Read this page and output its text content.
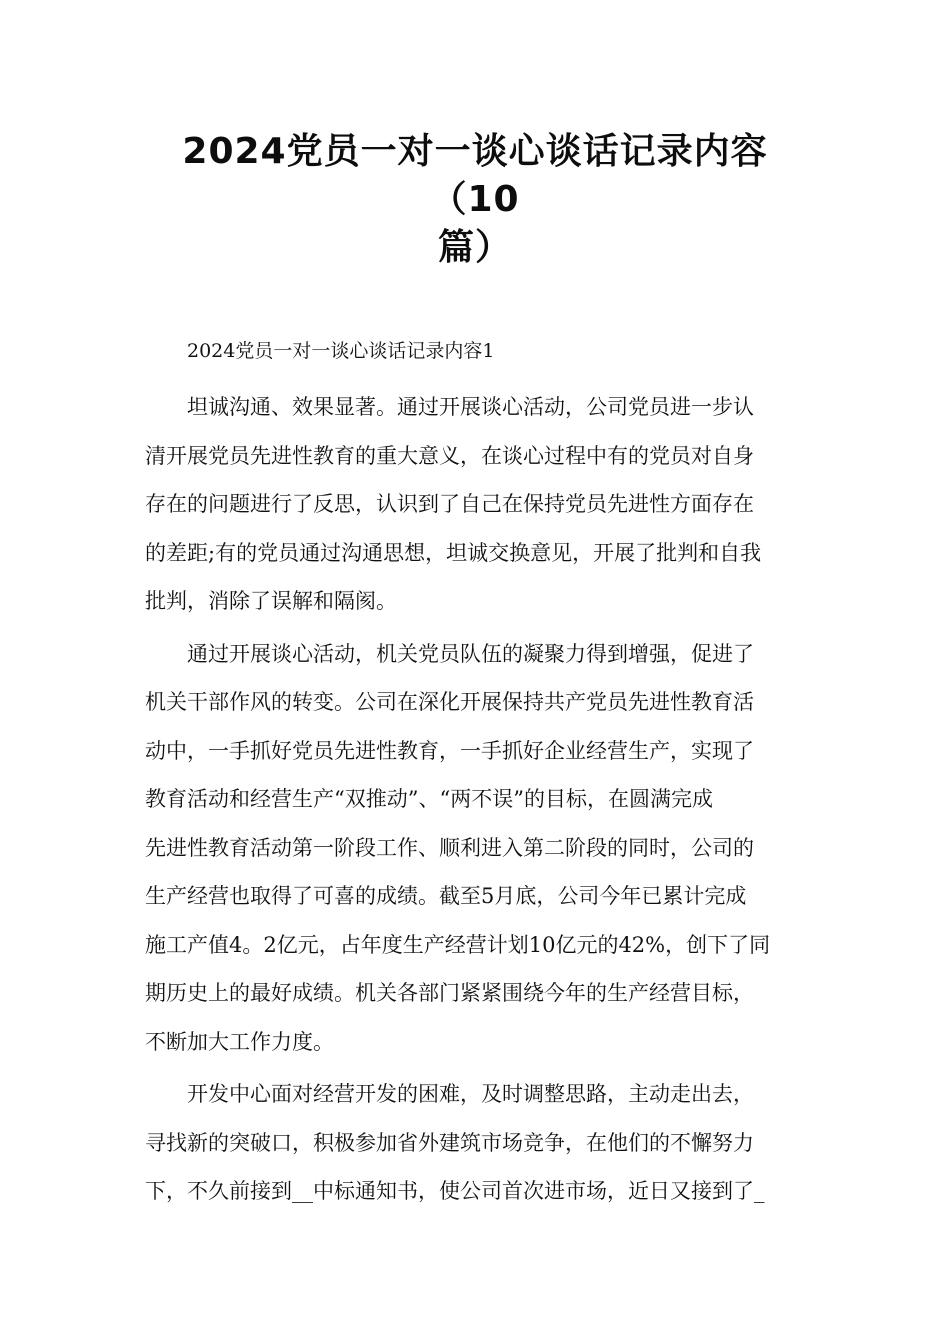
2024党员一对一谈心谈话记录内容（10
篇）
2024党员一对一谈心谈话记录内容1
坦诚沟通、效果显著。通过开展谈心活动，公司党员进一步认
清开展党员先进性教育的重大意义，在谈心过程中有的党员对自身
存在的问题进行了反思，认识到了自己在保持党员先进性方面存在
的差距;有的党员通过沟通思想，坦诚交换意见，开展了批判和自我
批判，消除了误解和隔阂。
通过开展谈心活动，机关党员队伍的凝聚力得到增强，促进了
机关干部作风的转变。公司在深化开展保持共产党员先进性教育活
动中，一手抓好党员先进性教育，一手抓好企业经营生产，实现了
教育活动和经营生产“双推动”、“两不误”的目标，在圆满完成
先进性教育活动第一阶段工作、顺利进入第二阶段的同时，公司的
生产经营也取得了可喜的成绩。截至5月底，公司今年已累计完成
施工产值4。2亿元，占年度生产经营计划10亿元的42%，创下了同
期历史上的最好成绩。机关各部门紧紧围绕今年的生产经营目标，
不断加大工作力度。
开发中心面对经营开发的困难，及时调整思路，主动走出去，
寻找新的突破口，积极参加省外建筑市场竞争，在他们的不懈努力
下，不久前接到__中标通知书，使公司首次进市场，近日又接到了_
